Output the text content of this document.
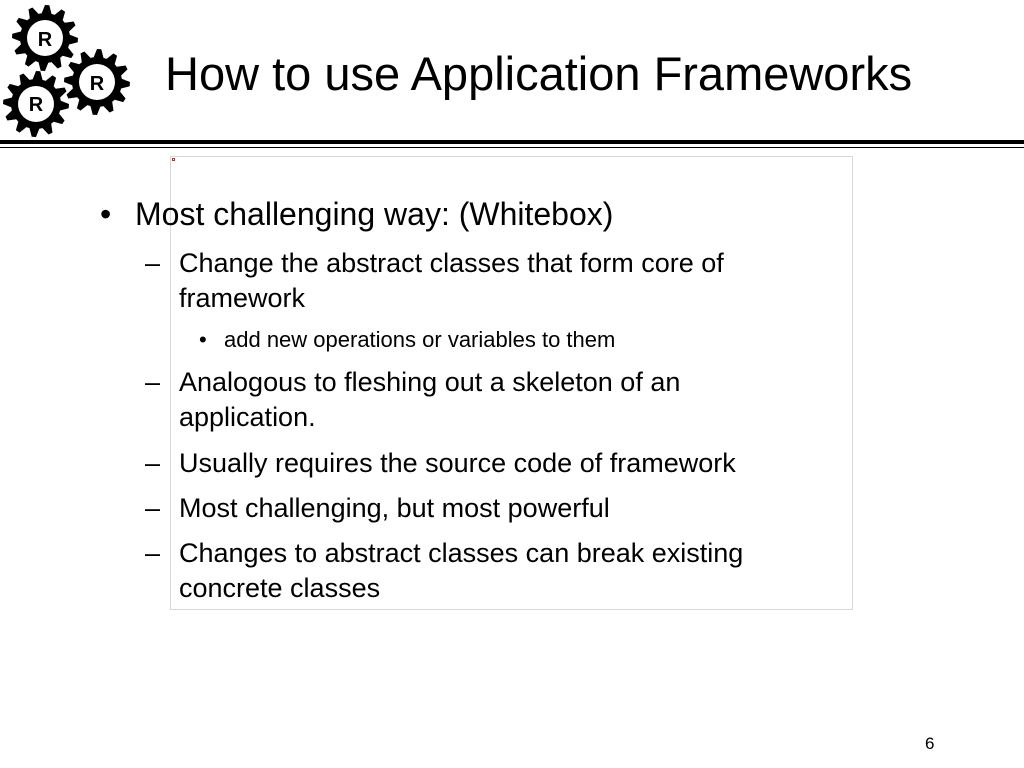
R
R
R
How to use Application Frameworks
• Most challenging way: (Whitebox)
– Change the abstract classes that form core of
framework
• add new operations or variables to them
– Analogous to fleshing out a skeleton of an
application.
– Usually requires the source code of framework
– Most challenging, but most powerful
– Changes to abstract classes can break existing
concrete classes
6
